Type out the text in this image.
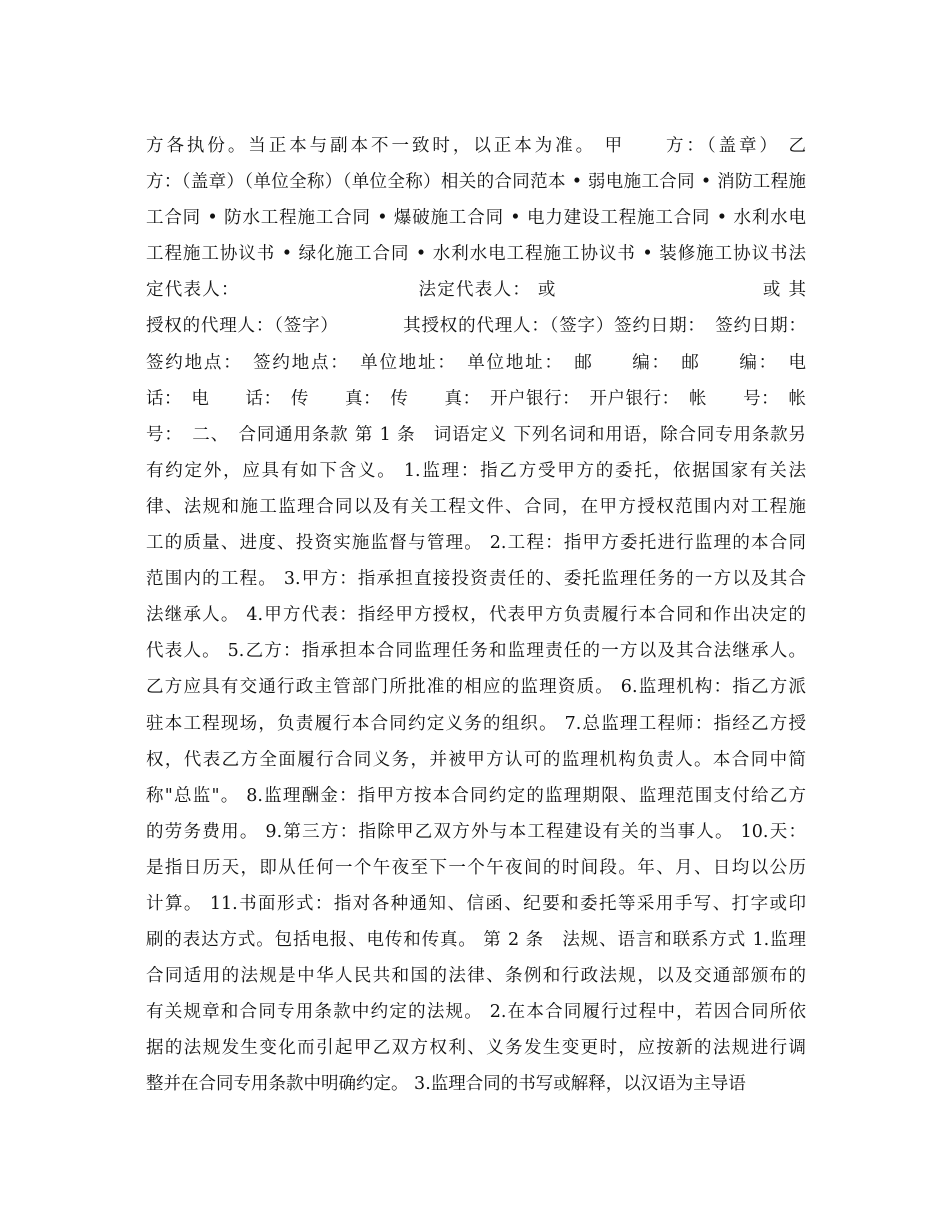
方各执份。当正本与副本不一致时，以正本为准。 甲　　方：（盖章） 乙
方：（盖章）（单位全称）（单位全称）相关的合同范本 • 弱电施工合同 • 消防工程施
工合同 • 防水工程施工合同 • 爆破施工合同 • 电力建设工程施工合同 • 水利水电
工程施工协议书 • 绿化施工合同 • 水利水电工程施工协议书 • 装修施工协议书法
定代表人：　　　　　　　　　　法定代表人： 或　　　　　　　　　　　或 其
授权的代理人：（签字）　　　　其授权的代理人：（签字）签约日期：　签约日期：
签约地点：　签约地点：　单位地址：　单位地址：　邮　　编：　邮　　编：　电
话：　电　　话：　传　　真：　传　　真：　开户银行：　开户银行：　帐　　号：　帐
号：　二、　合同通用条款 第 1 条　词语定义 下列名词和用语，除合同专用条款另
有约定外，应具有如下含义。 1.监理：指乙方受甲方的委托，依据国家有关法
律、法规和施工监理合同以及有关工程文件、合同，在甲方授权范围内对工程施
工的质量、进度、投资实施监督与管理。 2.工程：指甲方委托进行监理的本合同
范围内的工程。 3.甲方：指承担直接投资责任的、委托监理任务的一方以及其合
法继承人。 4.甲方代表：指经甲方授权，代表甲方负责履行本合同和作出决定的
代表人。 5.乙方：指承担本合同监理任务和监理责任的一方以及其合法继承人。
乙方应具有交通行政主管部门所批准的相应的监理资质。 6.监理机构：指乙方派
驻本工程现场，负责履行本合同约定义务的组织。 7.总监理工程师：指经乙方授
权，代表乙方全面履行合同义务，并被甲方认可的监理机构负责人。本合同中简
称"总监"。 8.监理酬金：指甲方按本合同约定的监理期限、监理范围支付给乙方
的劳务费用。 9.第三方：指除甲乙双方外与本工程建设有关的当事人。 10.天：
是指日历天，即从任何一个午夜至下一个午夜间的时间段。年、月、日均以公历
计算。 11.书面形式：指对各种通知、信函、纪要和委托等采用手写、打字或印
刷的表达方式。包括电报、电传和传真。 第 2 条　法规、语言和联系方式 1.监理
合同适用的法规是中华人民共和国的法律、条例和行政法规，以及交通部颁布的
有关规章和合同专用条款中约定的法规。 2.在本合同履行过程中，若因合同所依
据的法规发生变化而引起甲乙双方权利、义务发生变更时，应按新的法规进行调
整并在合同专用条款中明确约定。 3.监理合同的书写或解释，以汉语为主导语
